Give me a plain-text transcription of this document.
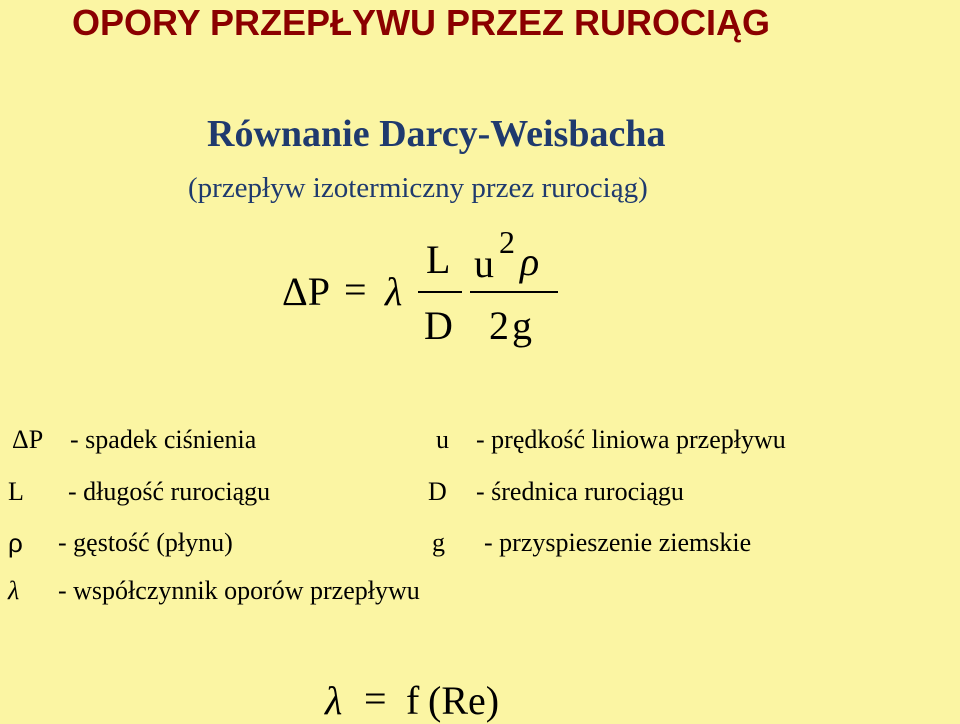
OPORY PRZEPŁYWU PRZEZ RUROCIĄG
Równanie Darcy-Weisbacha
(przepływ izotermiczny przez rurociąg)
ΔP = λ
L
D
u 2 ρ
2 g
ΔP - spadek ciśnienia	u - prędkość liniowa przepływu
L - długość rurociągu	D - średnica rurociągu
ρ - gęstość (płynu)	g - przyspieszenie ziemskie
λ - współczynnik oporów przepływu
λ = f (Re)
